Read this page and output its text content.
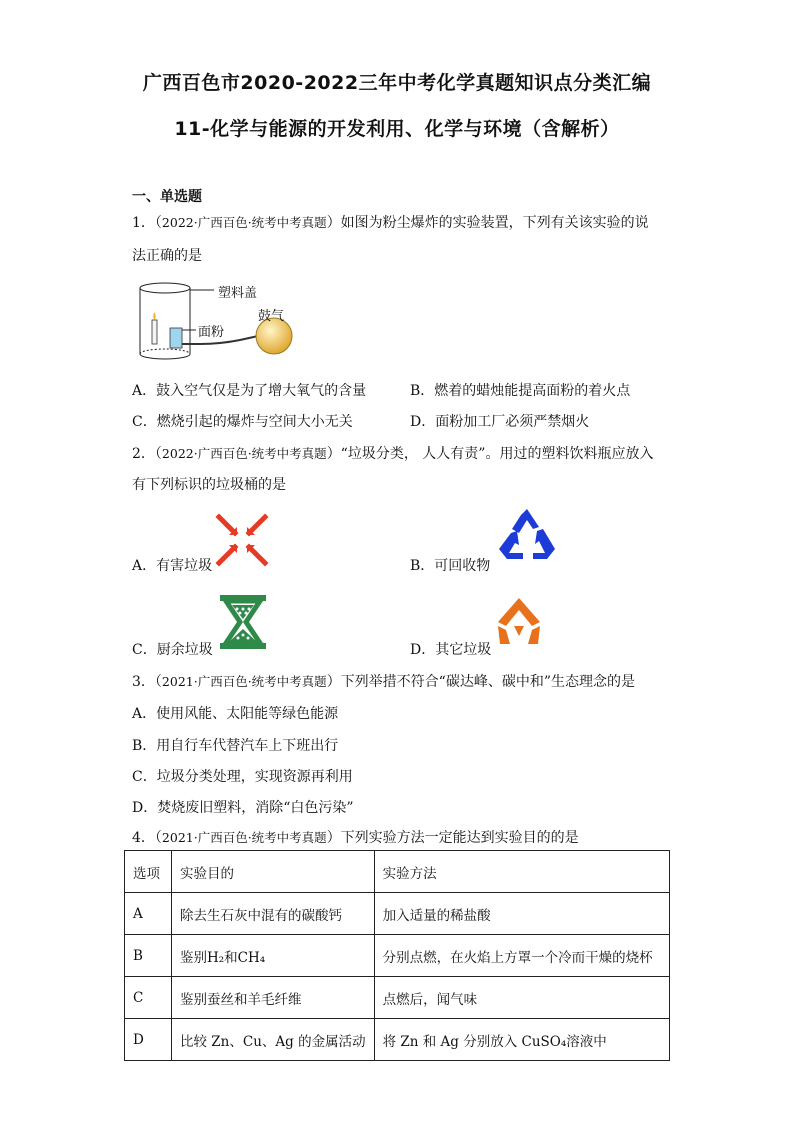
广西百色市2020-2022三年中考化学真题知识点分类汇编
11-化学与能源的开发利用、化学与环境（含解析）
一、单选题
1．（2022·广西百色·统考中考真题）如图为粉尘爆炸的实验装置，下列有关该实验的说
法正确的是
塑料盖
面粉
鼓气
A．鼓入空气仅是为了增大氧气的含量	B．燃着的蜡烛能提高面粉的着火点
C．燃烧引起的爆炸与空间大小无关	D．面粉加工厂必须严禁烟火
2．（2022·广西百色·统考中考真题）“垃圾分类， 人人有责”。用过的塑料饮料瓶应放入
有下列标识的垃圾桶的是
A．有害垃圾	B．可回收物
C．厨余垃圾	D．其它垃圾
3．（2021·广西百色·统考中考真题）下列举措不符合“碳达峰、碳中和”生态理念的是
A．使用风能、太阳能等绿色能源
B．用自行车代替汽车上下班出行
C．垃圾分类处理，实现资源再利用
D．焚烧废旧塑料，消除“白色污染”
4．（2021·广西百色·统考中考真题）下列实验方法一定能达到实验目的的是
选项	实验目的	实验方法
A	除去生石灰中混有的碳酸钙	加入适量的稀盐酸
B	鉴别H₂和CH₄	分别点燃，在火焰上方罩一个冷而干燥的烧杯
C	鉴别蚕丝和羊毛纤维	点燃后，闻气味
D	比较 Zn、Cu、Ag 的金属活动	将 Zn 和 Ag 分别放入 CuSO₄溶液中
